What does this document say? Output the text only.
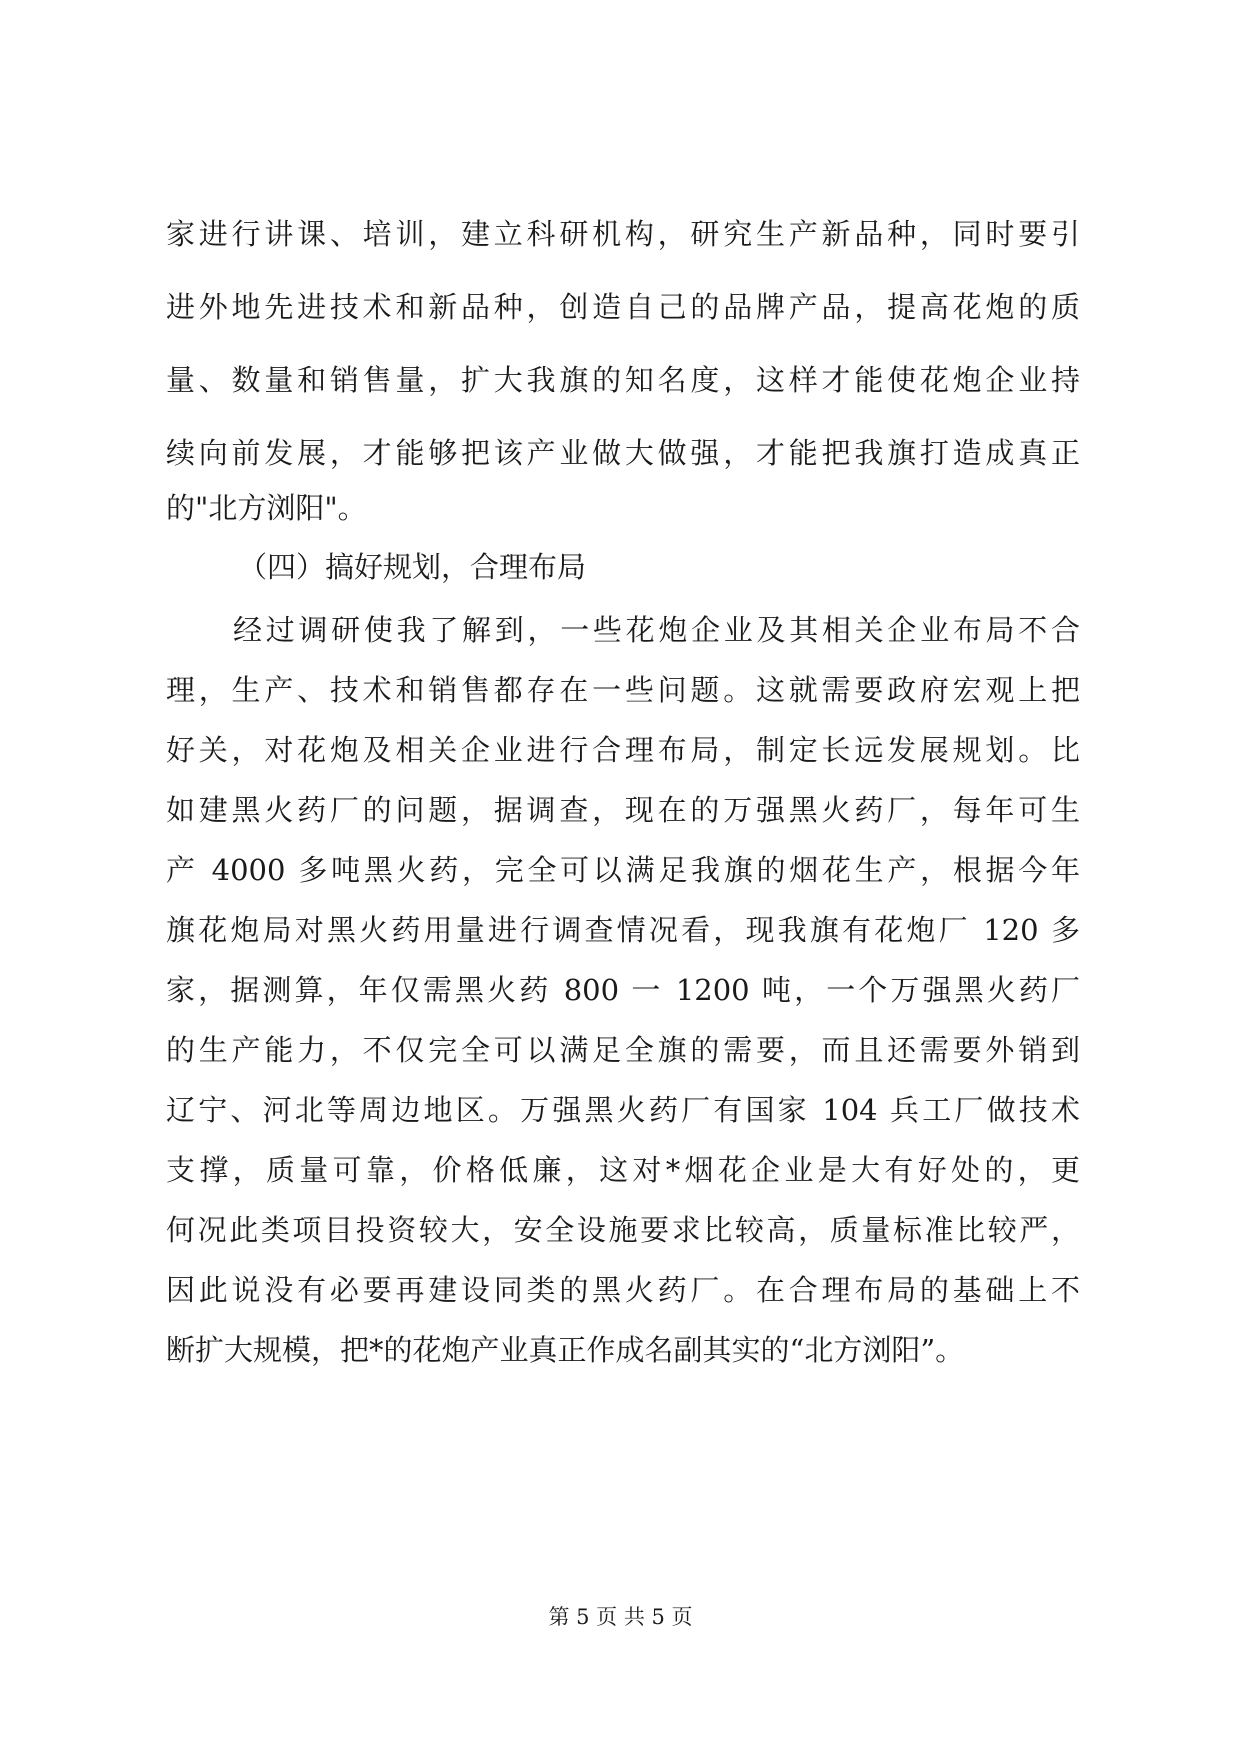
家进行讲课、培训，建立科研机构，研究生产新品种，同时要引
进外地先进技术和新品种，创造自己的品牌产品，提高花炮的质
量、数量和销售量，扩大我旗的知名度，这样才能使花炮企业持
续向前发展，才能够把该产业做大做强，才能把我旗打造成真正
的"北方浏阳"。
（四）搞好规划，合理布局
经过调研使我了解到，一些花炮企业及其相关企业布局不合
理，生产、技术和销售都存在一些问题。这就需要政府宏观上把
好关，对花炮及相关企业进行合理布局，制定长远发展规划。比
如建黑火药厂的问题，据调查，现在的万强黑火药厂，每年可生
产 4000 多吨黑火药，完全可以满足我旗的烟花生产，根据今年
旗花炮局对黑火药用量进行调查情况看，现我旗有花炮厂 120 多
家，据测算，年仅需黑火药 800 一 1200 吨，一个万强黑火药厂
的生产能力，不仅完全可以满足全旗的需要，而且还需要外销到
辽宁、河北等周边地区。万强黑火药厂有国家 104 兵工厂做技术
支撑，质量可靠，价格低廉，这对*烟花企业是大有好处的，更
何况此类项目投资较大，安全设施要求比较高，质量标准比较严，
因此说没有必要再建设同类的黑火药厂。在合理布局的基础上不
断扩大规模，把*的花炮产业真正作成名副其实的“北方浏阳”。
第 5 页 共 5 页
